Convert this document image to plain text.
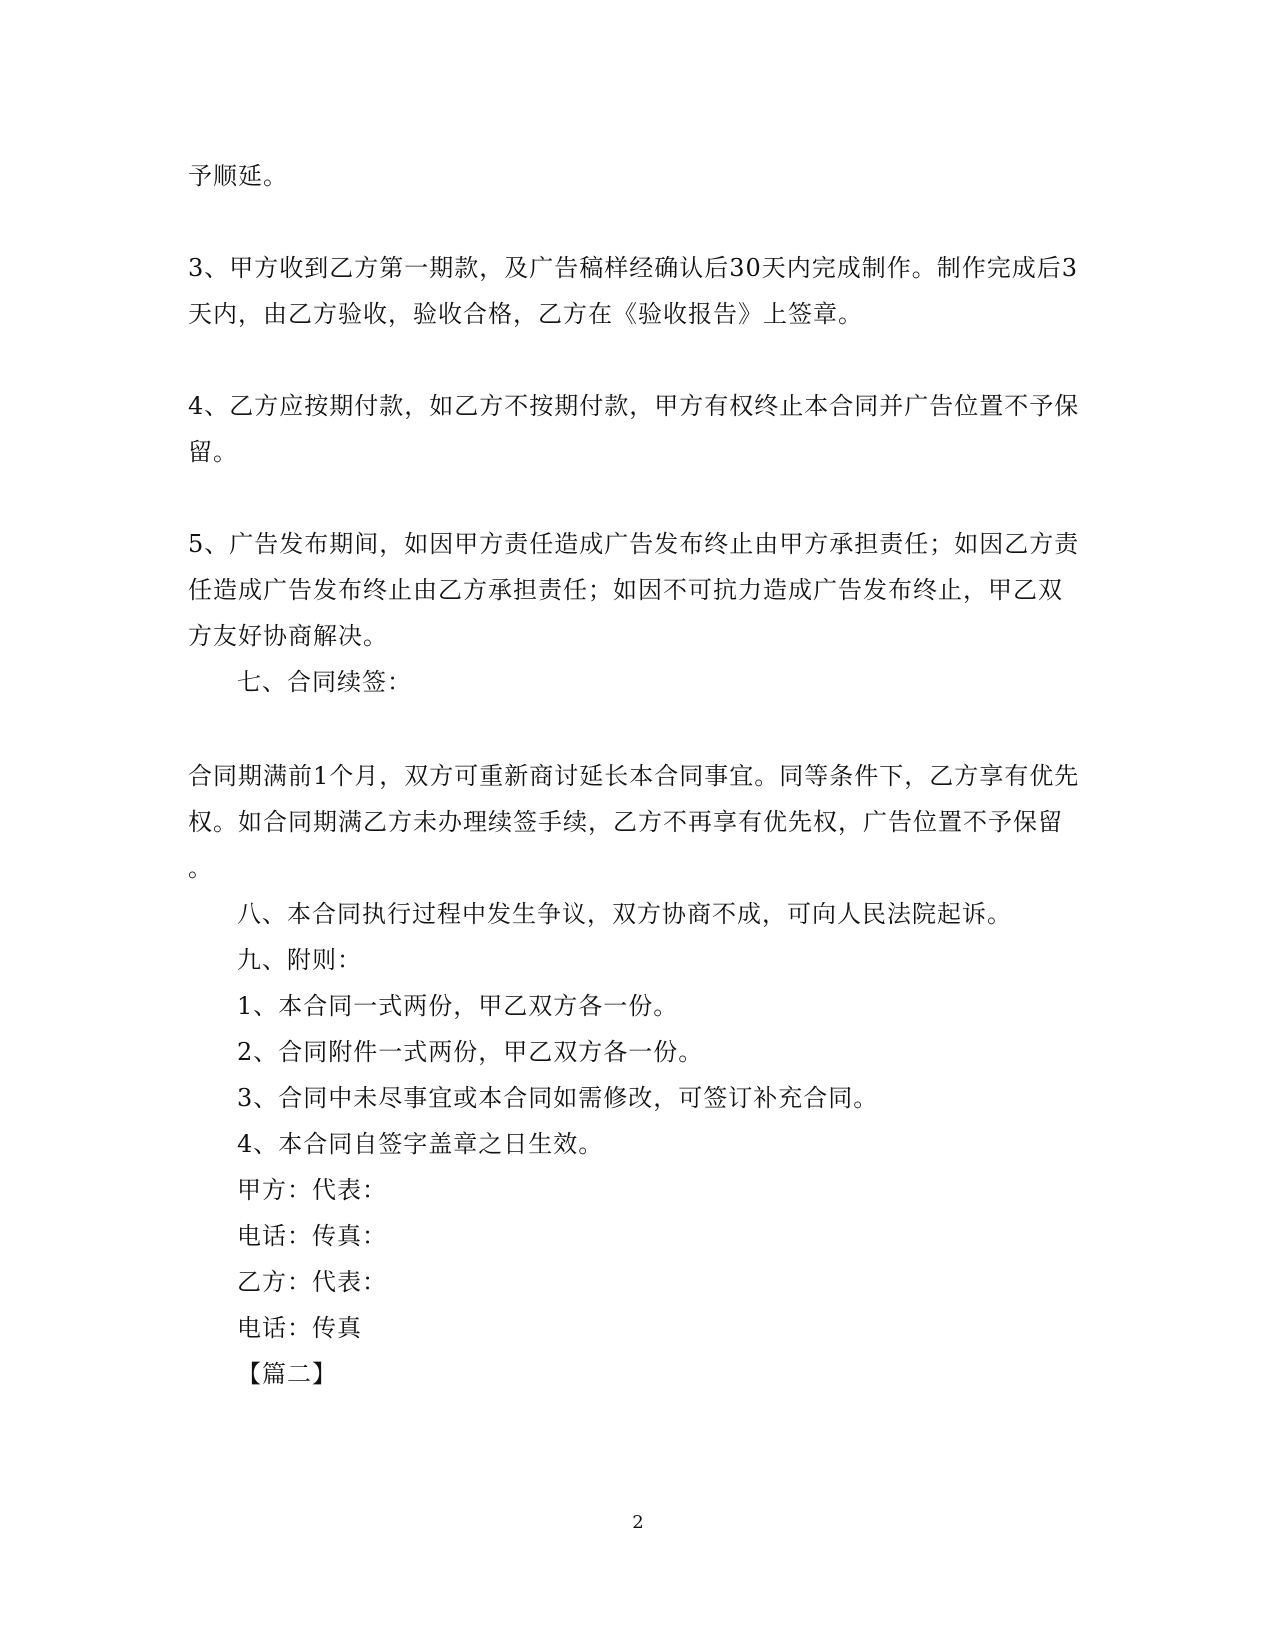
予顺延。
3、甲方收到乙方第一期款，及广告稿样经确认后30天内完成制作。制作完成后3
天内，由乙方验收，验收合格，乙方在《验收报告》上签章。
4、乙方应按期付款，如乙方不按期付款，甲方有权终止本合同并广告位置不予保
留。
5、广告发布期间，如因甲方责任造成广告发布终止由甲方承担责任；如因乙方责
任造成广告发布终止由乙方承担责任；如因不可抗力造成广告发布终止，甲乙双
方友好协商解决。
七、合同续签：
合同期满前1个月，双方可重新商讨延长本合同事宜。同等条件下，乙方享有优先
权。如合同期满乙方未办理续签手续，乙方不再享有优先权，广告位置不予保留
。
八、本合同执行过程中发生争议，双方协商不成，可向人民法院起诉。
九、附则：
1、本合同一式两份，甲乙双方各一份。
2、合同附件一式两份，甲乙双方各一份。
3、合同中未尽事宜或本合同如需修改，可签订补充合同。
4、本合同自签字盖章之日生效。
甲方：代表：
电话：传真：
乙方：代表：
电话：传真
【篇二】
2
